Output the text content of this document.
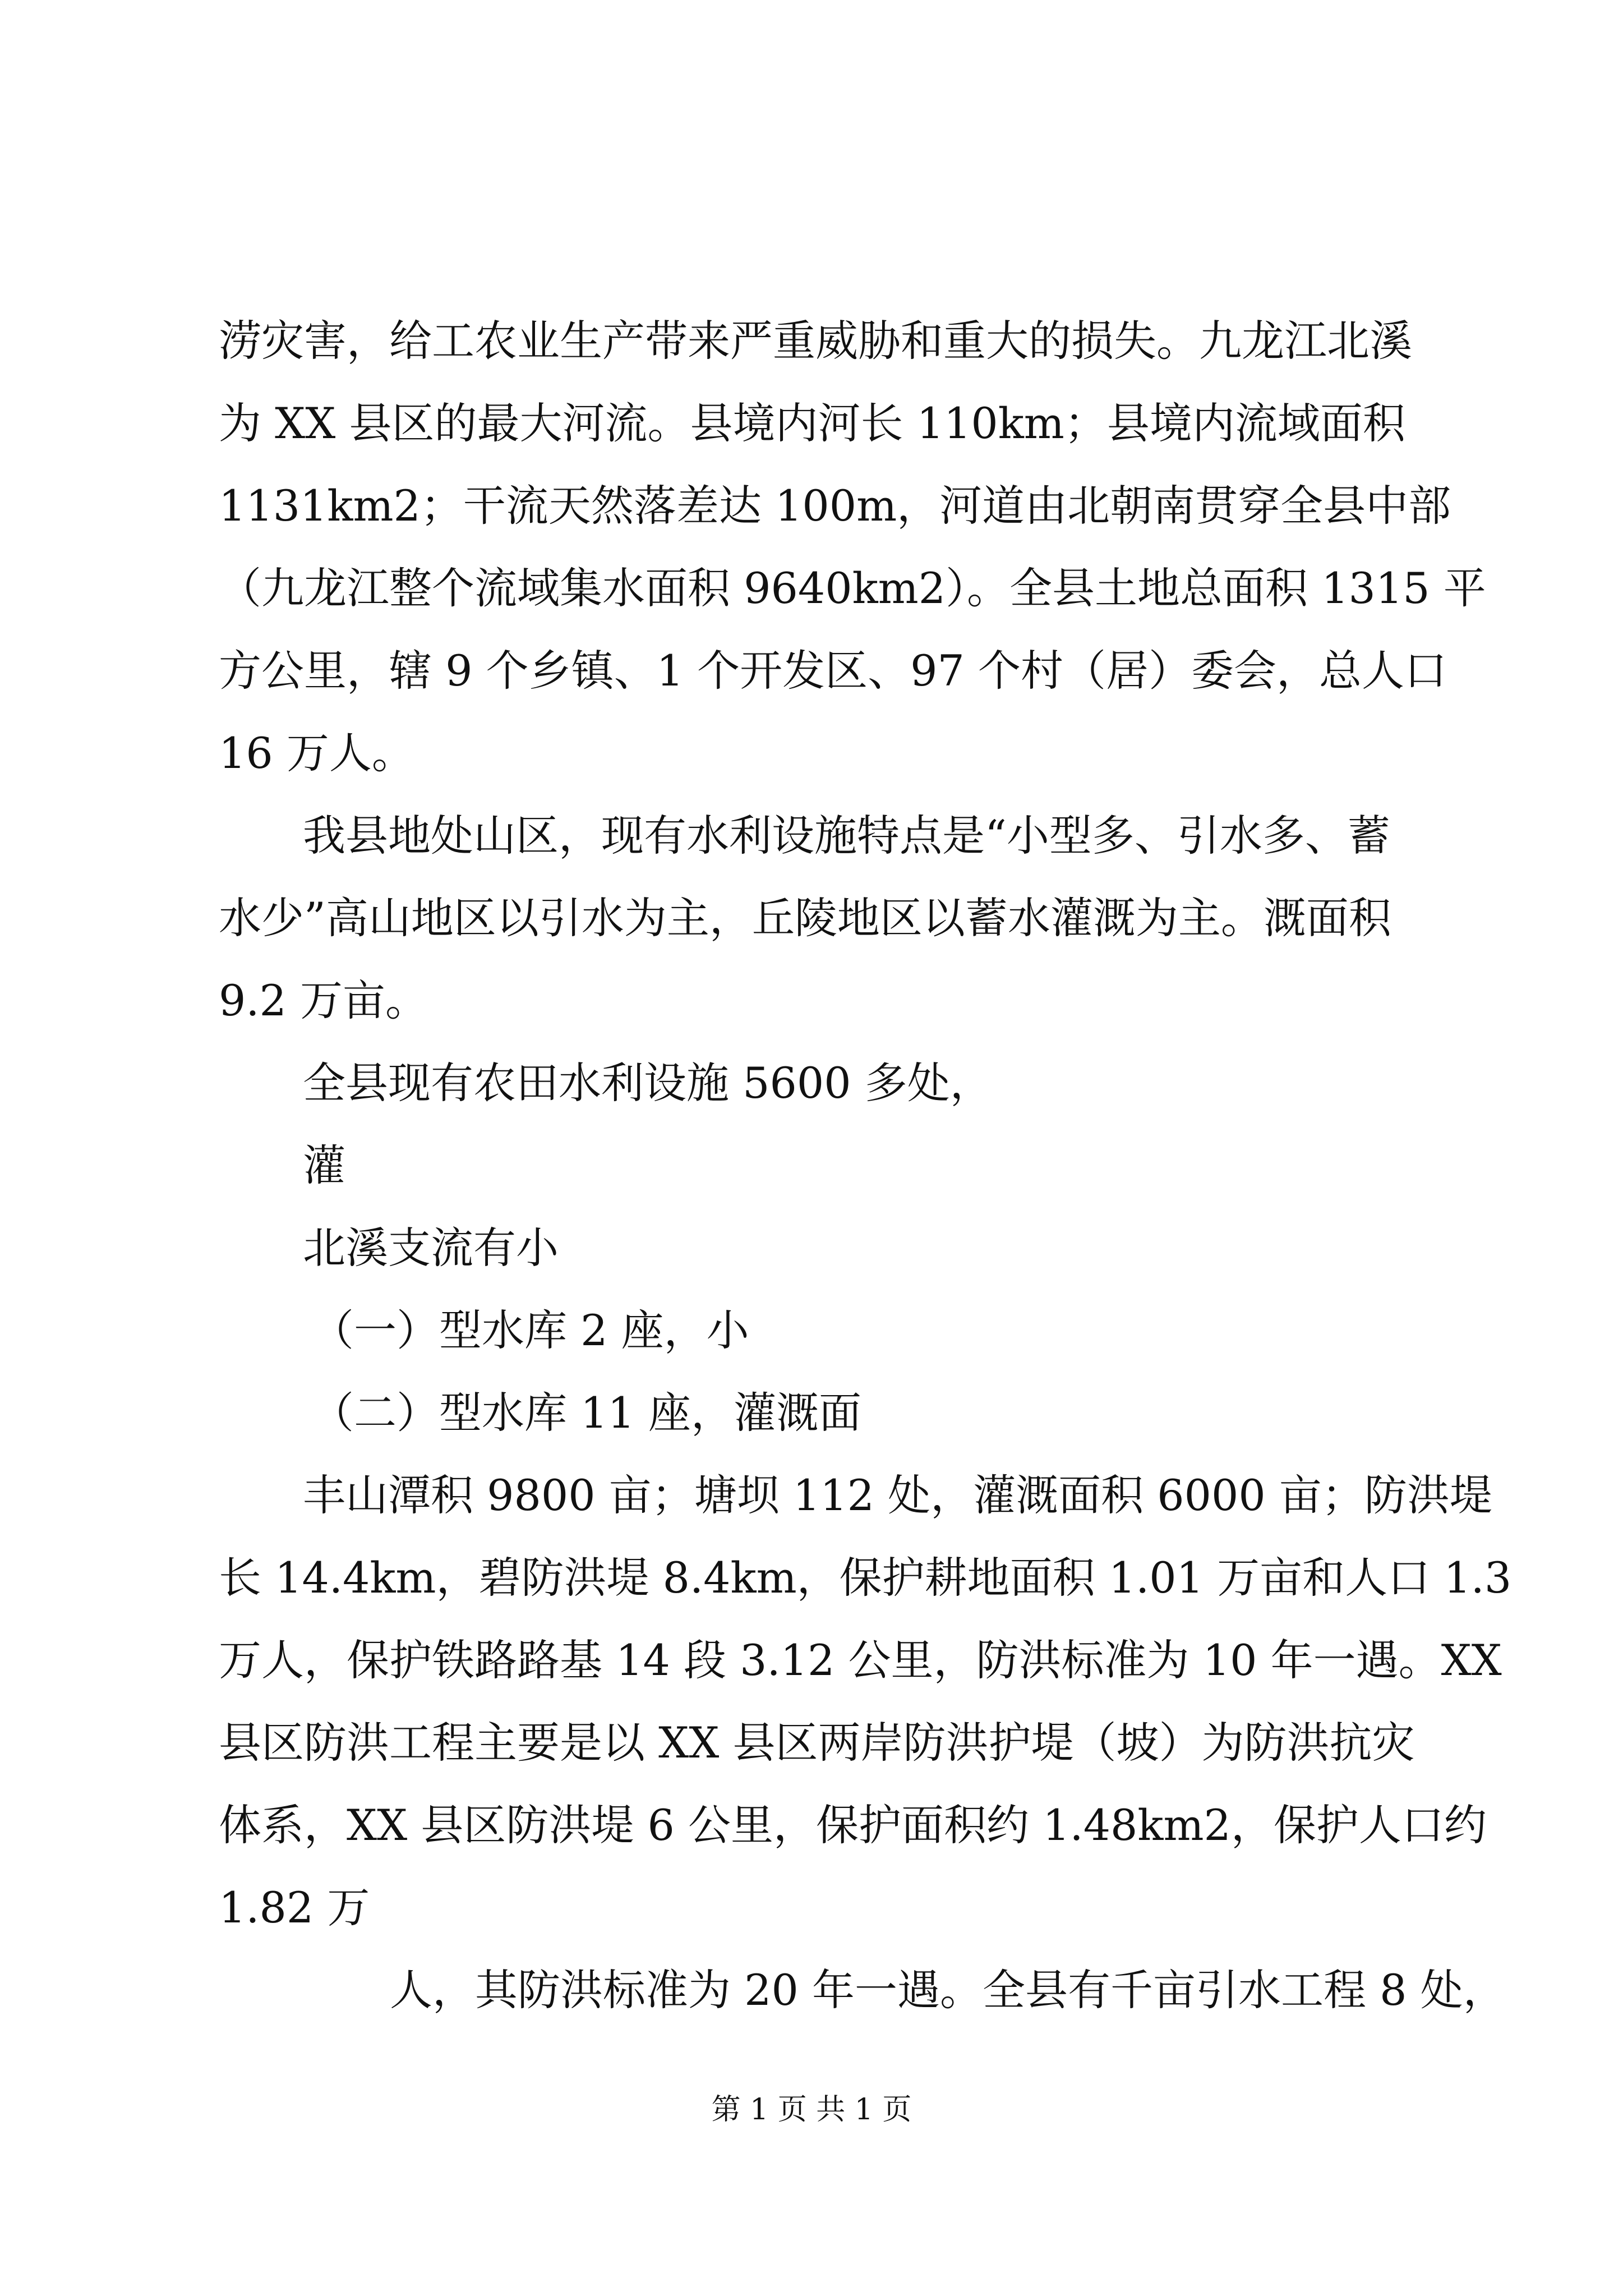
涝灾害，给工农业生产带来严重威胁和重大的损失。九龙江北溪
为 XX 县区的最大河流。县境内河长 110km；县境内流域面积
1131km2；干流天然落差达 100m，河道由北朝南贯穿全县中部
（九龙江整个流域集水面积 9640km2）。全县土地总面积 1315 平
方公里，辖 9 个乡镇、1 个开发区、97 个村（居）委会，总人口
16 万人。
我县地处山区，现有水利设施特点是“小型多、引水多、蓄
水少”高山地区以引水为主，丘陵地区以蓄水灌溉为主。溉面积
9.2 万亩。
全县现有农田水利设施 5600 多处，
灌
北溪支流有小
（一）型水库 2 座，小
（二）型水库 11 座，灌溉面
丰山潭积 9800 亩；塘坝 112 处，灌溉面积 6000 亩；防洪堤
长 14.4km，碧防洪堤 8.4km，保护耕地面积 1.01 万亩和人口 1.3
万人，保护铁路路基 14 段 3.12 公里，防洪标准为 10 年一遇。XX
县区防洪工程主要是以 XX 县区两岸防洪护堤（坡）为防洪抗灾
体系，XX 县区防洪堤 6 公里，保护面积约 1.48km2，保护人口约
1.82 万
人，其防洪标准为 20 年一遇。全县有千亩引水工程 8 处，
第 1 页 共 1 页
